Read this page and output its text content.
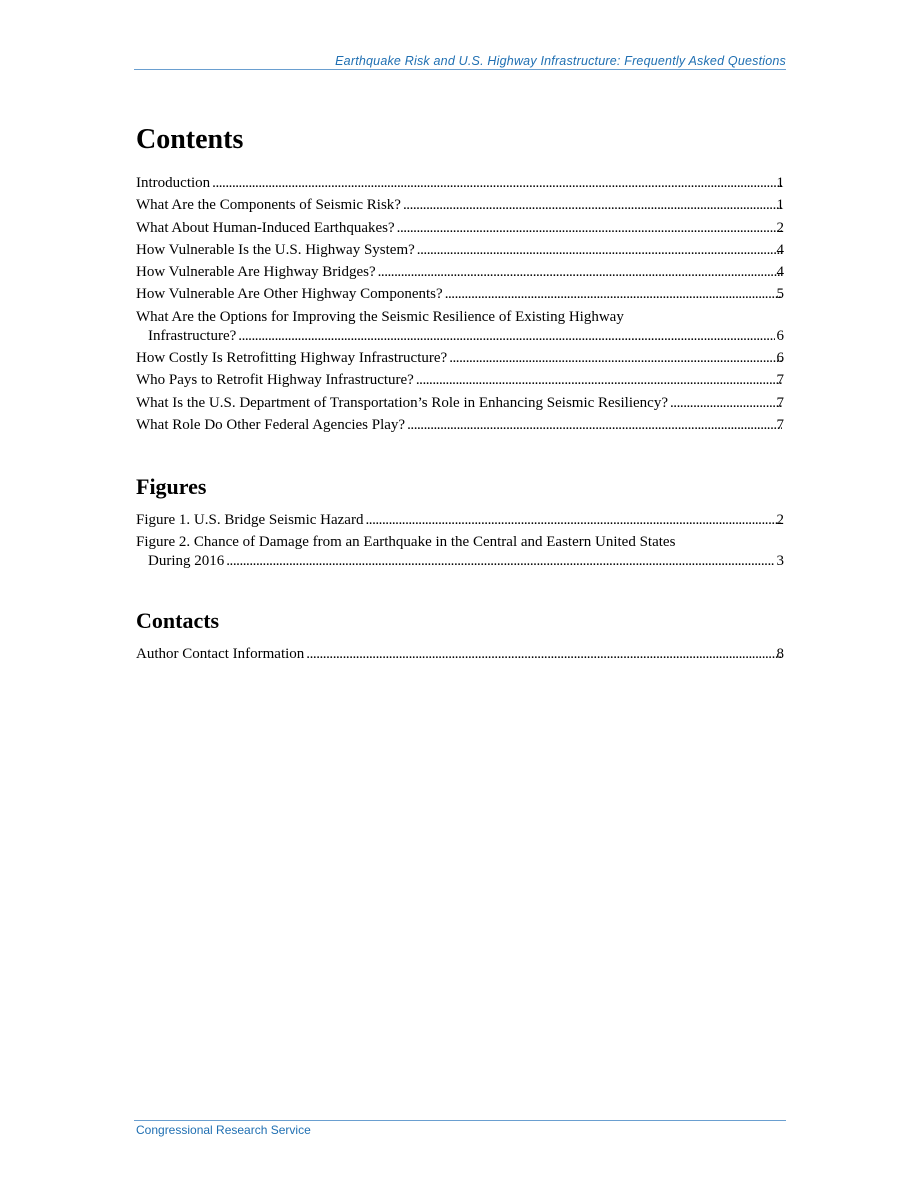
Earthquake Risk and U.S. Highway Infrastructure: Frequently Asked Questions
Contents
Introduction . . .	1
What Are the Components of Seismic Risk? . . .	1
What About Human-Induced Earthquakes? . . .	2
How Vulnerable Is the U.S. Highway System? . . .	4
How Vulnerable Are Highway Bridges? . . .	4
How Vulnerable Are Other Highway Components? . . .	5
What Are the Options for Improving the Seismic Resilience of Existing Highway
Infrastructure? . . .	6
How Costly Is Retrofitting Highway Infrastructure? . . .	6
Who Pays to Retrofit Highway Infrastructure? . . .	7
What Is the U.S. Department of Transportation’s Role in Enhancing Seismic Resiliency? . . .	7
What Role Do Other Federal Agencies Play? . . .	7
Figures
Figure 1. U.S. Bridge Seismic Hazard . . .	2
Figure 2. Chance of Damage from an Earthquake in the Central and Eastern United States
During 2016 . . .	3
Contacts
Author Contact Information . . .	8
Congressional Research Service
